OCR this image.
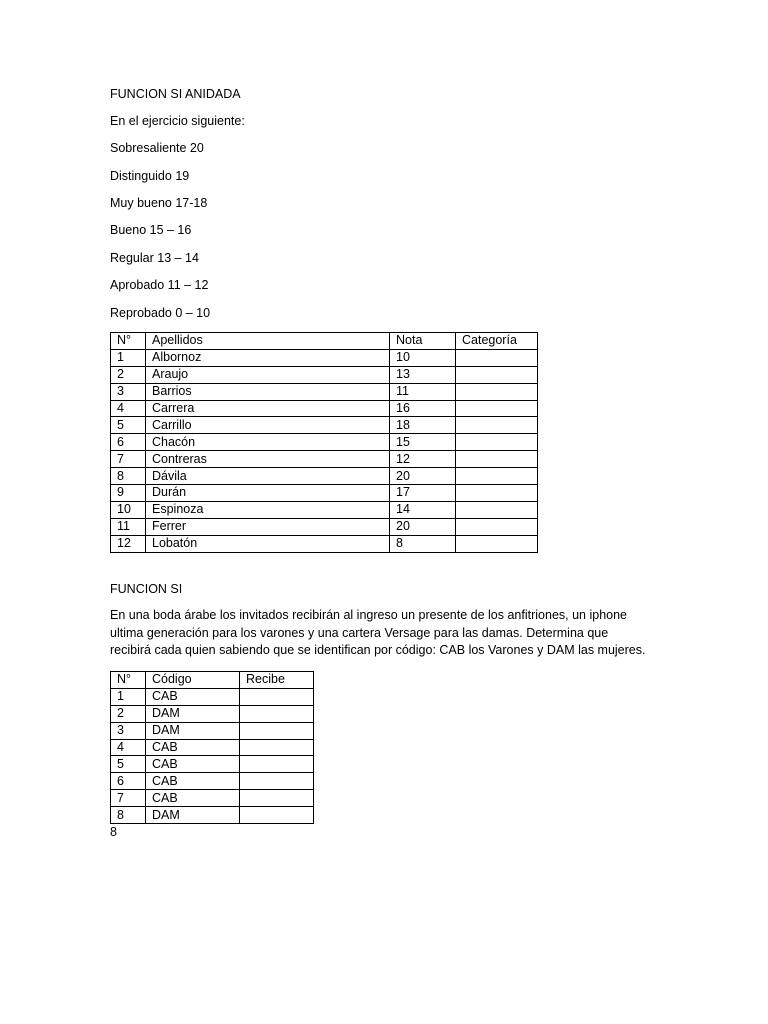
FUNCION SI ANIDADA

En el ejercicio siguiente:

Sobresaliente 20

Distinguido 19

Muy bueno 17-18

Bueno 15 – 16

Regular 13 – 14

Aprobado 11 – 12

Reprobado 0 – 10

N°	Apellidos	Nota	Categoría
1	Albornoz	10	
2	Araujo	13	
3	Barrios	11	
4	Carrera	16	
5	Carrillo	18	
6	Chacón	15	
7	Contreras	12	
8	Dávila	20	
9	Durán	17	
10	Espinoza	14	
11	Ferrer	20	
12	Lobatón	8	

FUNCION SI

En una boda árabe los invitados recibirán al ingreso un presente de los anfitriones, un iphone

ultima generación para los varones y una cartera Versage para las damas. Determina que

recibirá cada quien sabiendo que se identifican por código: CAB los Varones y DAM las mujeres.

N°	Código	Recibe
1	CAB	
2	DAM	
3	DAM	
4	CAB	
5	CAB	
6	CAB	
7	CAB	
8	DAM	

8
